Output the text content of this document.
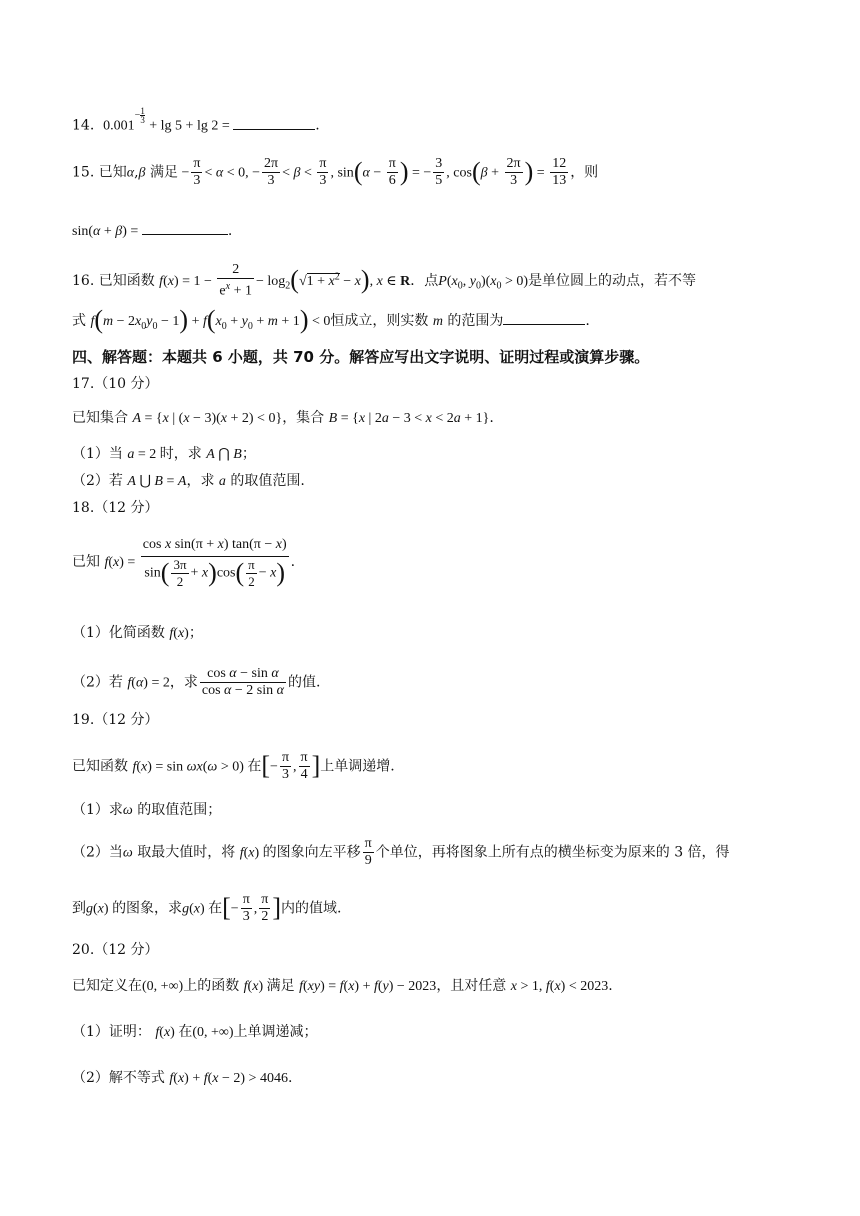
14. $0.001^{- \frac{1}{3}}$
+ lg 5 + lg 2 =	.
15. 已知α,β 满足 − $\frac{\pi}{3} < \alpha < 0$, − $\frac{2\pi}{3} < \beta < \frac{\pi}{3}$ , $\sin(\alpha - \frac{\pi}{6}$ ) = − $\frac{3}{5}$ , $\cos(\beta + \frac{2\pi}{3}$ ) = $\frac{12}{13}$ ，则
sin(α + β) =	.
16. 已知函数 $f(x) = 1 - \frac{2}{e^x + 1} - \log_2(√1 + x^2 - x)$, x ∈ R．点$P(x_0$, $y_0)(x_0 > 0)$是单位圆上的动点，若不等
式 $f(m - 2x_0y_0 - 1) + f(x_0 + y_0 + m + 1) < 0$恒成立，则实数 m 的范围为	.
四、解答题：本题共 6 小题，共 70 分。解答应写出文字说明、证明过程或演算步骤。
17.（10 分）
已知集合 A = {x | (x − 3)(x + 2) < 0}，集合 B = {x | 2a − 3 < x < 2a + 1}.
（1）当 a = 2 时，求 A ⋂ B；
（2）若 A ⋃ B = A，求 a 的取值范围.
18.（12 分）
已知 $f(x) = \frac{\text{cos x sin(π + x) tan(π − x)}}{\sin( \frac{3\pi}{2} + x)\cos( \frac{\pi}{2} - x)}$ .
（1）化简函数 f(x)；
（2）若 f(α) = 2，求 $\frac{\text{cos α − sin α}}{\text{cos α − 2 sin α}}$ 的值.
19.（12 分）
已知函数 f(x) = sin ωx(ω > 0) 在[− $\frac{\pi}{3}$ , $\frac{\pi}{4}$ ]上单调递增.
（1）求ω 的取值范围；
（2）当ω 取最大值时，将 f(x) 的图象向左平移 $\frac{\pi}{9}$ 个单位，再将图象上所有点的横坐标变为原来的 3 倍，得
到g(x) 的图象，求g(x) 在[− $\frac{\pi}{3}$ , $\frac{\pi}{2}$ ]内的值域.
20.（12 分）
已知定义在(0, +∞)上的函数 f(x) 满足 f(xy) = f(x) + f(y) − 2023，且对任意 x > 1, f(x) < 2023.
（1）证明： f(x) 在(0, +∞)上单调递减；
（2）解不等式 f(x) + f(x − 2) > 4046.
